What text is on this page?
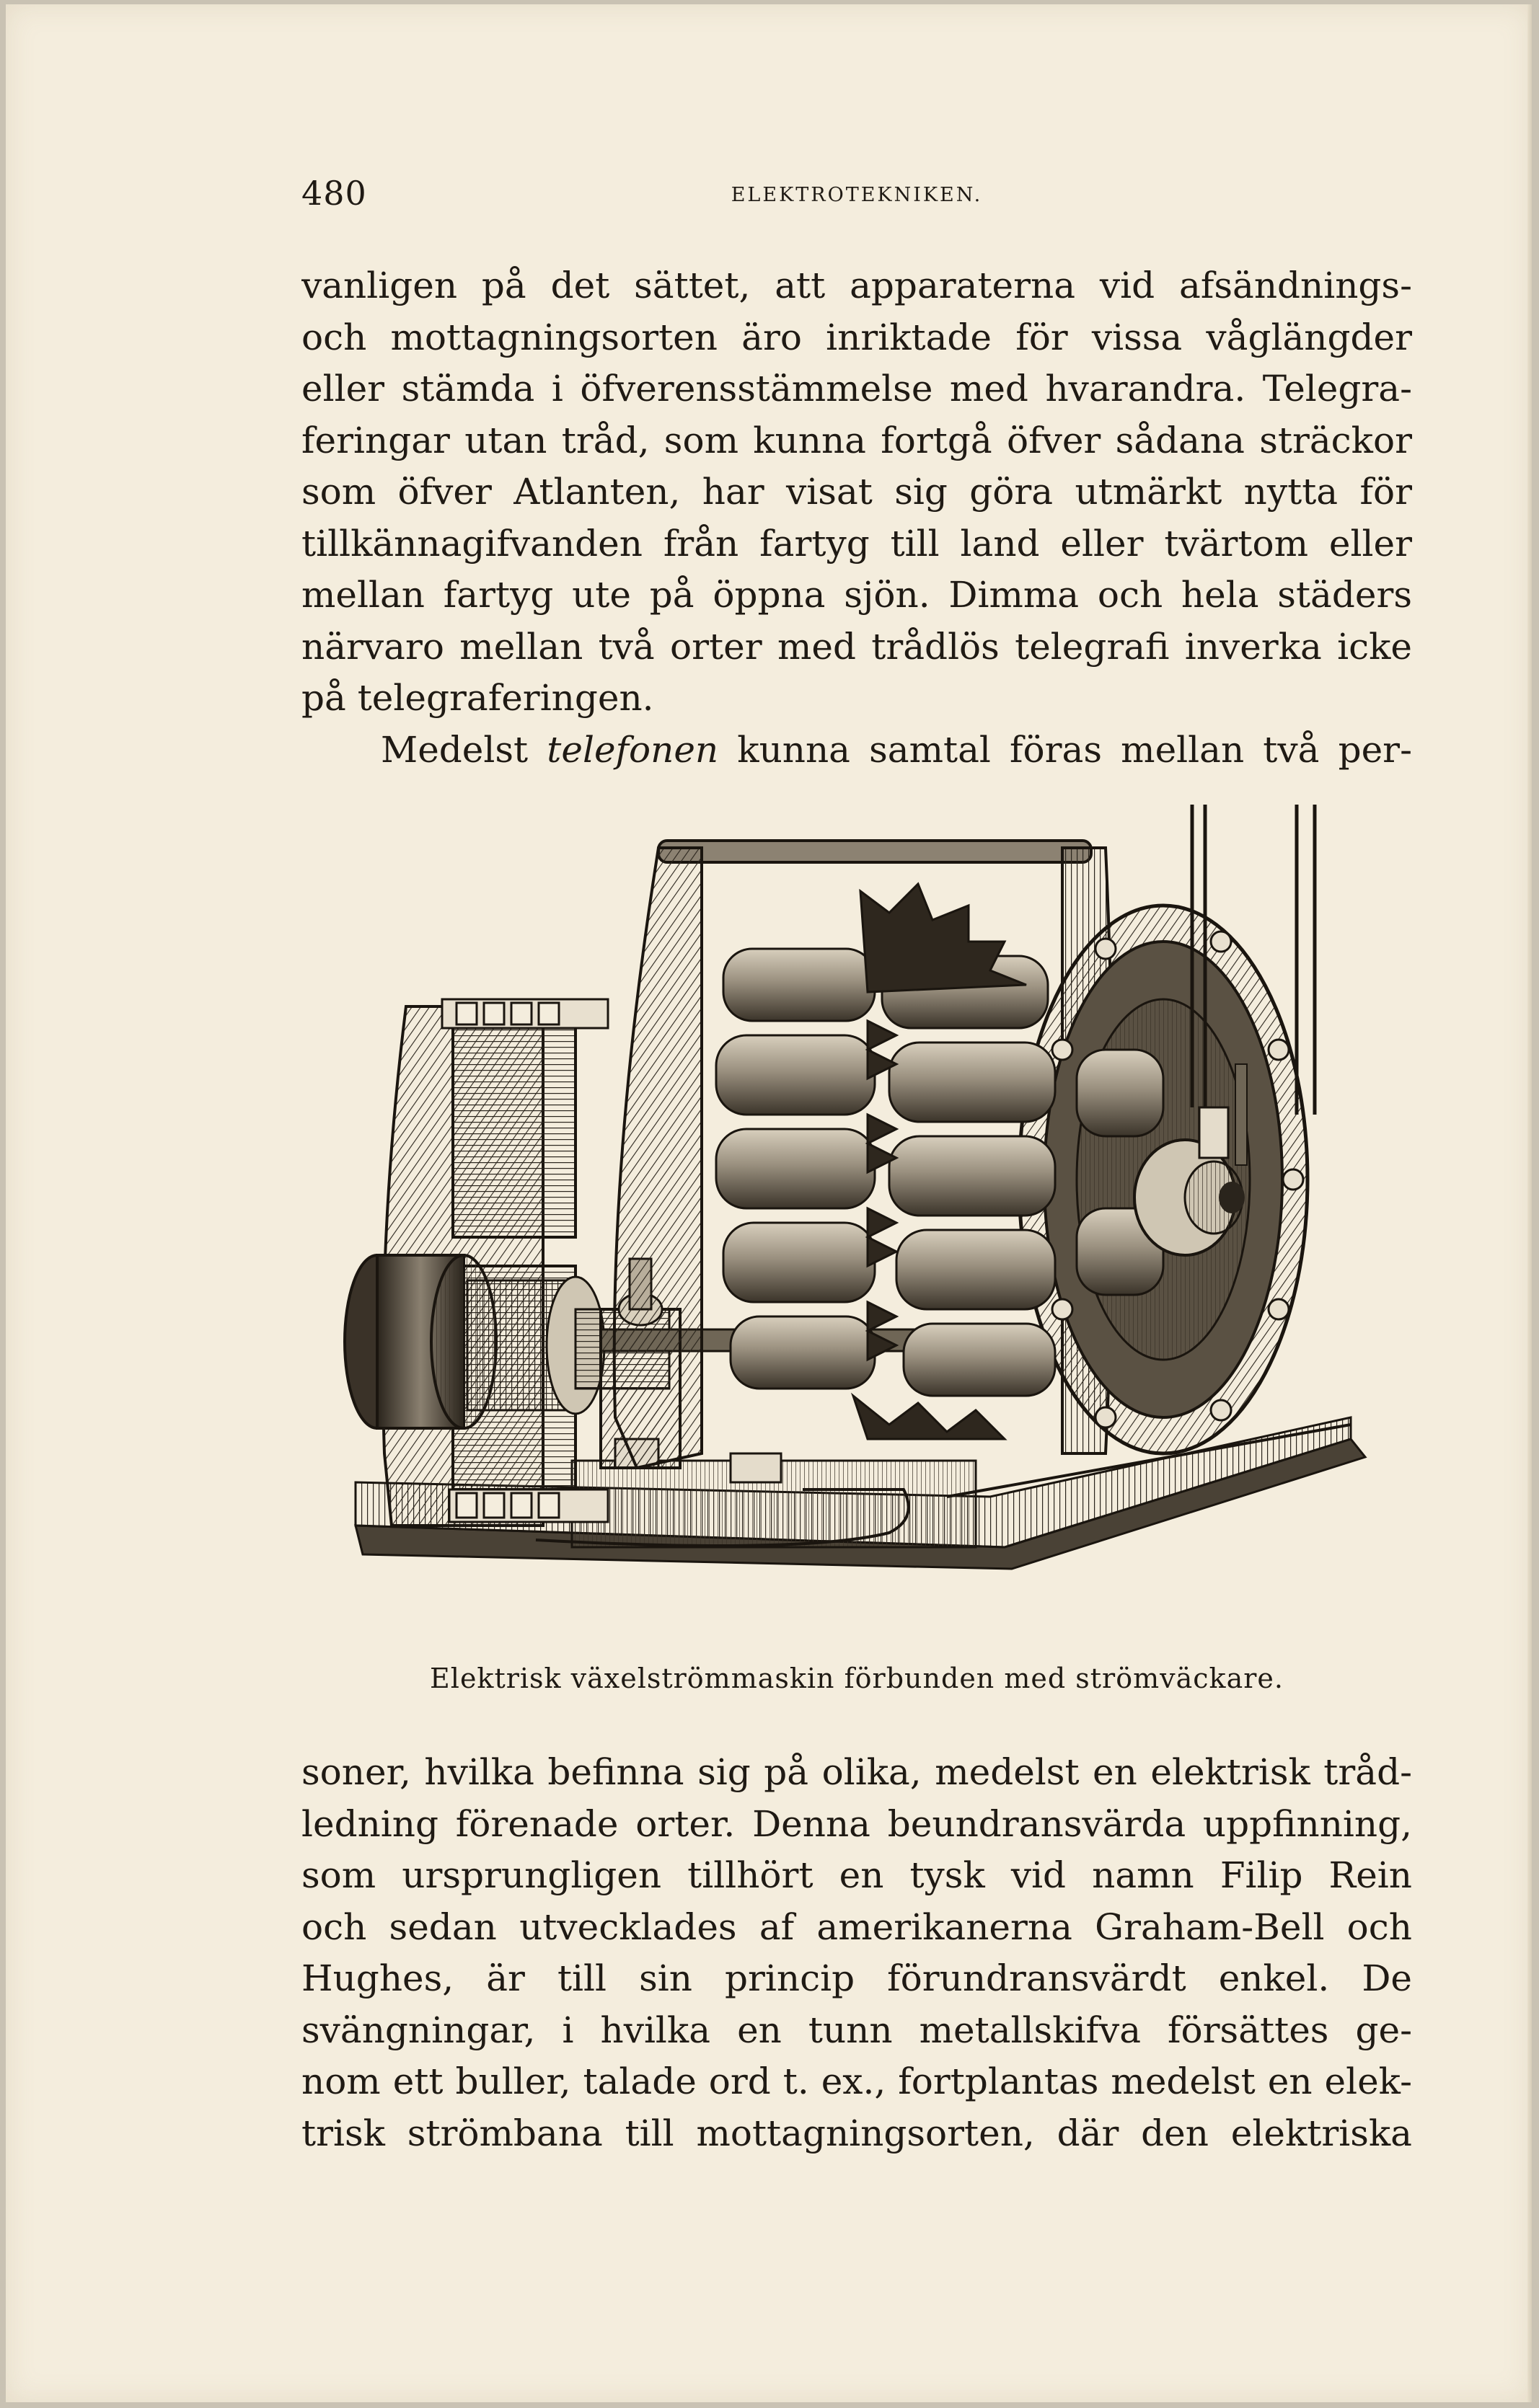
480	ELEKTROTEKNIKEN.

vanligen på det sättet, att apparaterna vid afsändnings-
och mottagningsorten äro inriktade för vissa våglängder
eller stämda i öfverensstämmelse med hvarandra. Telegra-
feringar utan tråd, som kunna fortgå öfver sådana sträckor
som öfver Atlanten, har visat sig göra utmärkt nytta för
tillkännagifvanden från fartyg till land eller tvärtom eller
mellan fartyg ute på öppna sjön. Dimma och hela städers
närvaro mellan två orter med trådlös telegrafi inverka icke
på telegraferingen.

Medelst telefonen kunna samtal föras mellan två per-

Elektrisk växelströmmaskin förbunden med strömväckare.

soner, hvilka befinna sig på olika, medelst en elektrisk tråd-
ledning förenade orter. Denna beundransvärda uppfinning,
som ursprungligen tillhört en tysk vid namn Filip Rein
och sedan utvecklades af amerikanerna Graham-Bell och
Hughes, är till sin princip förundransvärdt enkel. De
svängningar, i hvilka en tunn metallskifva försättes ge-
nom ett buller, talade ord t. ex., fortplantas medelst en elek-
trisk strömbana till mottagningsorten, där den elektriska
